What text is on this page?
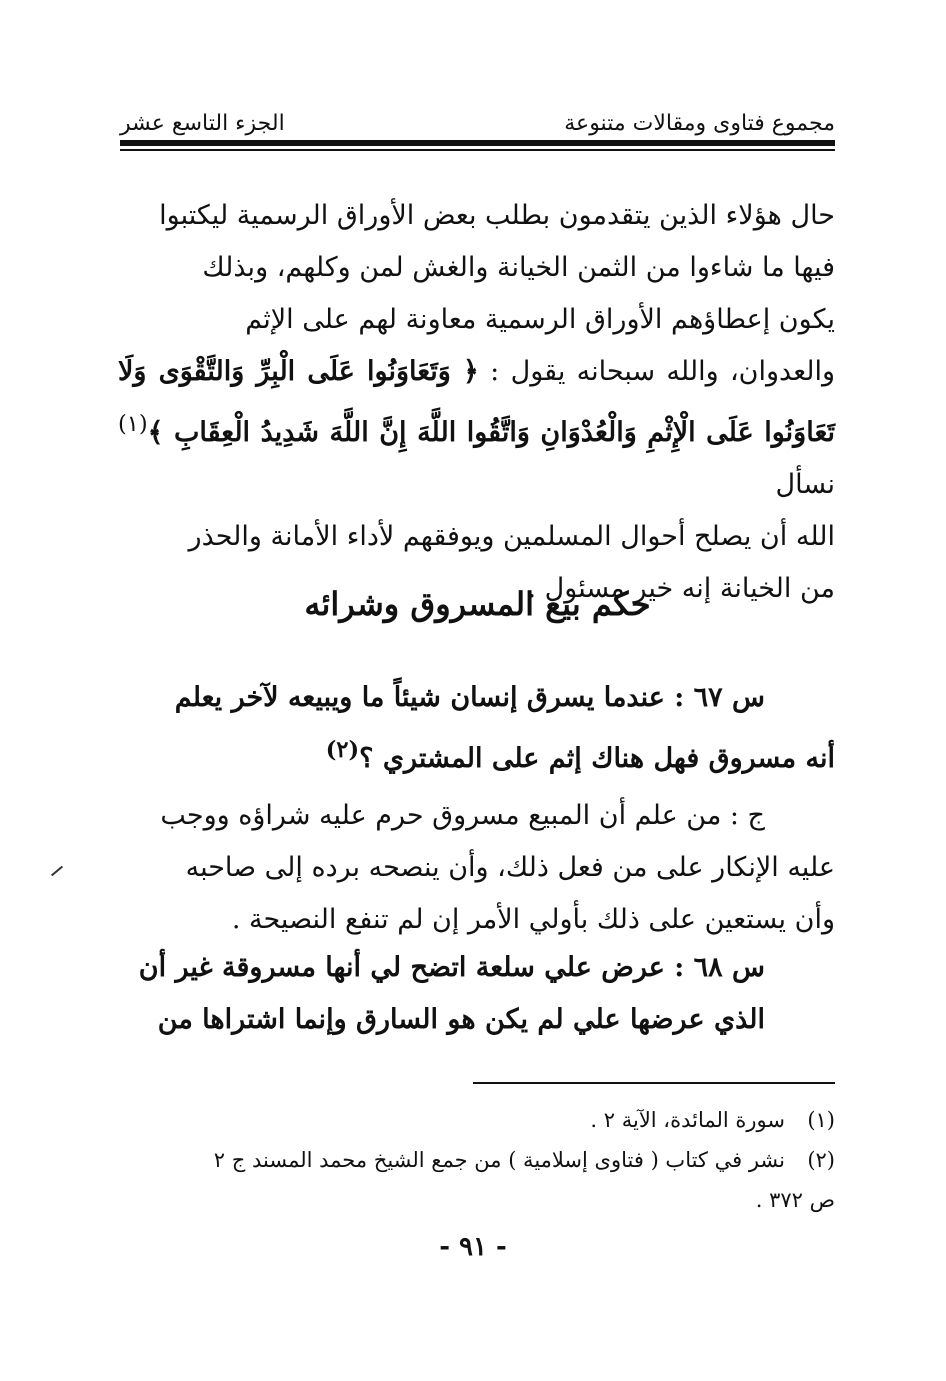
مجموع فتاوى ومقالات متنوعة
الجزء التاسع عشر

حال هؤلاء الذين يتقدمون بطلب بعض الأوراق الرسمية ليكتبوا

فيها ما شاءوا من الثمن الخيانة والغش لمن وكلهم، وبذلك

يكون إعطاؤهم الأوراق الرسمية معاونة لهم على الإثم

والعدوان، والله سبحانه يقول : ﴿ وَتَعَاوَنُوا عَلَى الْبِرِّ وَالتَّقْوَى وَلَا تَعَاوَنُوا عَلَى الْإِثْمِ وَالْعُدْوَانِ وَاتَّقُوا اللَّهَ إِنَّ اللَّهَ شَدِيدُ الْعِقَابِ ﴾$^{(١)}$ نسأل

الله أن يصلح أحوال المسلمين ويوفقهم لأداء الأمانة والحذر

من الخيانة إنه خير مسئول .

حكم بيع المسروق وشرائه

س ٦٧ : عندما يسرق إنسان شيئاً ما ويبيعه لآخر يعلم

أنه مسروق فهل هناك إثم على المشتري ؟$^{(٢)}$

ج : من علم أن المبيع مسروق حرم عليه شراؤه ووجب

عليه الإنكار على من فعل ذلك، وأن ينصحه برده إلى صاحبه

وأن يستعين على ذلك بأولي الأمر إن لم تنفع النصيحة .

س ٦٨ : عرض علي سلعة اتضح لي أنها مسروقة غير أن

الذي عرضها علي لم يكن هو السارق وإنما اشتراها من

(١)
سورة المائدة، الآية ٢ .
(٢)
نشر في كتاب ( فتاوى إسلامية ) من جمع الشيخ محمد المسند ج ٢
ص ٣٧٢ .
- ٩١ -
